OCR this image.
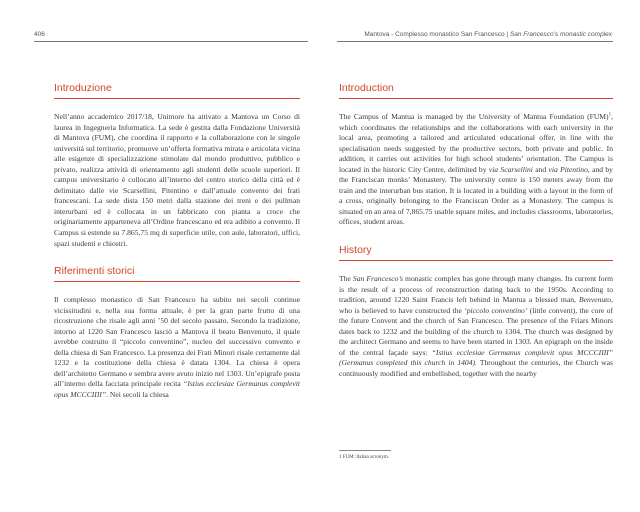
406	Mantova - Complesso monastico San Francesco | San Francesco’s monastic complex
Introduzione

Nell’anno accademico 2017/18, Unimore ha attivato a Mantova un Corso di laurea in Ingegneria Informatica. La sede è gestita dalla Fondazione Università di Mantova (FUM), che coordina il rapporto e la collaborazione con le singole università sul territorio, promuove un’offerta formativa mirata e articolata vicina alle esigenze di specializzazione stimolate dal mondo produttivo, pubblico e privato, realizza attività di orientamento agli studenti delle scuole superiori. Il campus universitario è collocato all’interno del centro storico della città ed è delimitato dalle vie Scarsellini, Pitentino e dall’attuale convento dei frati francescani. La sede dista 150 metri dalla stazione dei treni e dei pullman interurbani ed è collocata in un fabbricato con pianta a croce che originariamente apparteneva all’Ordine francescano ed era adibito a convento. Il Campus si estende su 7.865,75 mq di superficie utile, con aule, laboratori, uffici, spazi studenti e chiostri.

Riferimenti storici

Il complesso monastico di San Francesco ha subito nei secoli continue vicissitudini e, nella sua forma attuale, è per la gran parte frutto di una ricostruzione che risale agli anni ’50 del secolo passato. Secondo la tradizione, intorno al 1220 San Francesco lasciò a Mantova il beato Benvenuto, il quale avrebbe costruito il “piccolo conventino”, nucleo del successivo convento e della chiesa di San Francesco. La presenza dei Frati Minori risale certamente dal 1232 e la costituzione della chiesa è datata 1304. La chiesa è opera dell’architetto Germano e sembra avere avuto inizio nel 1303. Un’epigrafe posta all’interno della facciata principale recita “Istius ecclesiae Germanus complevit opus MCCCIIII”. Nei secoli la chiesa

Introduction

The Campus of Mantua is managed by the University of Mantua Foundation (FUM)$^1$, which coordinates the relationships and the collaborations with each university in the local area, promoting a tailored and articulated educational offer, in line with the specialisation needs suggested by the productive sectors, both private and public. In addition, it carries out activities for high school students’ orientation. The Campus is located in the historic City Centre, delimited by via Scarsellini and via Pitentino, and by the Franciscan monks’ Monastery. The university centre is 150 meters away from the train and the interurban bus station. It is located in a building with a layout in the form of a cross, originally belonging to the Franciscan Order as a Monastery. The campus is situated on an area of 7,865.75 usable square miles, and includes classrooms, laboratories, offices, student areas.

History

The San Francesco’s monastic complex has gone through many changes. Its current form is the result of a process of reconstruction dating back to the 1950s. According to tradition, around 1220 Saint Francis left behind in Mantua a blessed man, Benvenuto, who is believed to have constructed the ‘piccolo conventino’ (little convent), the core of the future Convent and the church of San Francesco. The presence of the Friars Minors dates back to 1232 and the building of the church to 1304. The church was designed by the architect Germano and seems to have been started in 1303. An epigraph on the inside of the central façade says: “Istius ecclesiae Germanus complevit opus MCCCIIII” (Germanus completed this church in 1404). Throughout the centuries, the Church was continuously modified and embellished, together with the nearby

1 FUM: Italian acronym.
